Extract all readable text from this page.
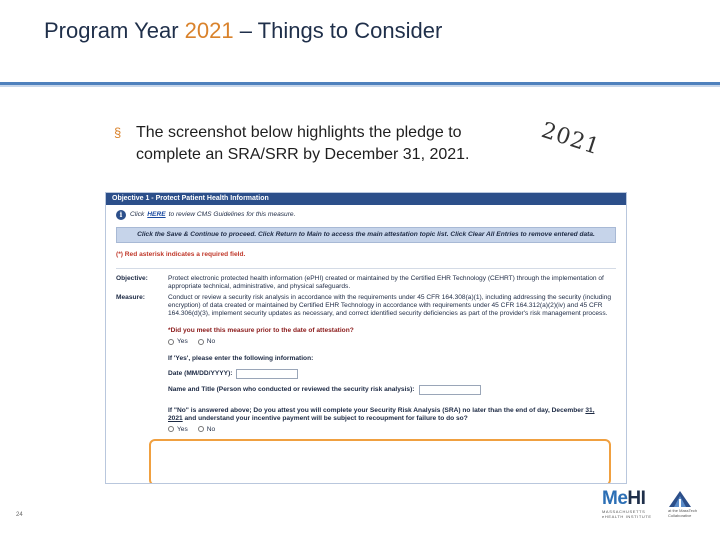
Program Year 2021 – Things to Consider
§ The screenshot below highlights the pledge to complete an SRA/SRR by December 31, 2021.	2021
Objective 1 - Protect Patient Health Information
i	Click HERE to review CMS Guidelines for this measure.
Click the Save & Continue to proceed. Click Return to Main to access the main attestation topic list. Click Clear All Entries to remove entered data.
(*) Red asterisk indicates a required field.
Objective:	Protect electronic protected health information (ePHI) created or maintained by the Certified EHR Technology (CEHRT) through the implementation of appropriate technical, administrative, and physical safeguards.
Measure:	Conduct or review a security risk analysis in accordance with the requirements under 45 CFR 164.308(a)(1), including addressing the security (including encryption) of data created or maintained by Certified EHR Technology in accordance with requirements under 45 CFR 164.312(a)(2)(iv) and 45 CFR 164.306(d)(3), implement security updates as necessary, and correct identified security deficiencies as part of the provider's risk management process.
*Did you meet this measure prior to the date of attestation?
Yes	No
If 'Yes', please enter the following information:
Date (MM/DD/YYYY):
Name and Title (Person who conducted or reviewed the security risk analysis):
If "No" is answered above; Do you attest you will complete your Security Risk Analysis (SRA) no later than the end of day, December 31, 2021 and understand your incentive payment will be subject to recoupment for failure to do so?
Yes	No
24
MeHI
MASSACHUSETTS eHEALTH INSTITUTE
at the MassTech Collaborative
